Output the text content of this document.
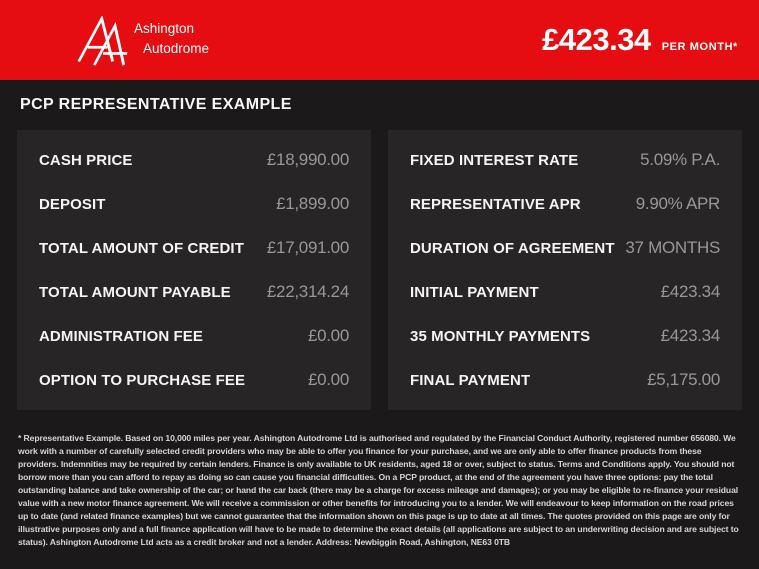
Ashington
Autodrome	£423.34 PER MONTH*
PCP REPRESENTATIVE EXAMPLE
CASH PRICE	£18,990.00
DEPOSIT	£1,899.00
TOTAL AMOUNT OF CREDIT £17,091.00
TOTAL AMOUNT PAYABLE £22,314.24
ADMINISTRATION FEE	£0.00
OPTION TO PURCHASE FEE	£0.00
FIXED INTEREST RATE	5.09% P.A.
REPRESENTATIVE APR	9.90% APR
DURATION OF AGREEMENT 37 MONTHS
INITIAL PAYMENT	£423.34
35 MONTHLY PAYMENTS	£423.34
FINAL PAYMENT	£5,175.00

* Representative Example. Based on 10,000 miles per year. Ashington Autodrome Ltd is authorised and regulated by the Financial Conduct Authority, registered number 656080. We work with a number of carefully selected credit providers who may be able to offer you finance for your purchase, and we are only able to offer finance products from these providers. Indemnities may be required by certain lenders. Finance is only available to UK residents, aged 18 or over, subject to status. Terms and Conditions apply. You should not borrow more than you can afford to repay as doing so can cause you financial difficulties. On a PCP product, at the end of the agreement you have three options: pay the total outstanding balance and take ownership of the car; or hand the car back (there may be a charge for excess mileage and damages); or you may be eligible to re-finance your residual value with a new motor finance agreement. We will receive a commission or other benefits for introducing you to a lender. We will endeavour to keep information on the road prices up to date (and related finance examples) but we cannot guarantee that the information shown on this page is up to date at all times. The quotes provided on this page are only for illustrative purposes only and a full finance application will have to be made to determine the exact details (all applications are subject to an underwriting decision and are subject to status). Ashington Autodrome Ltd acts as a credit broker and not a lender. Address: Newbiggin Road, Ashington, NE63 0TB
